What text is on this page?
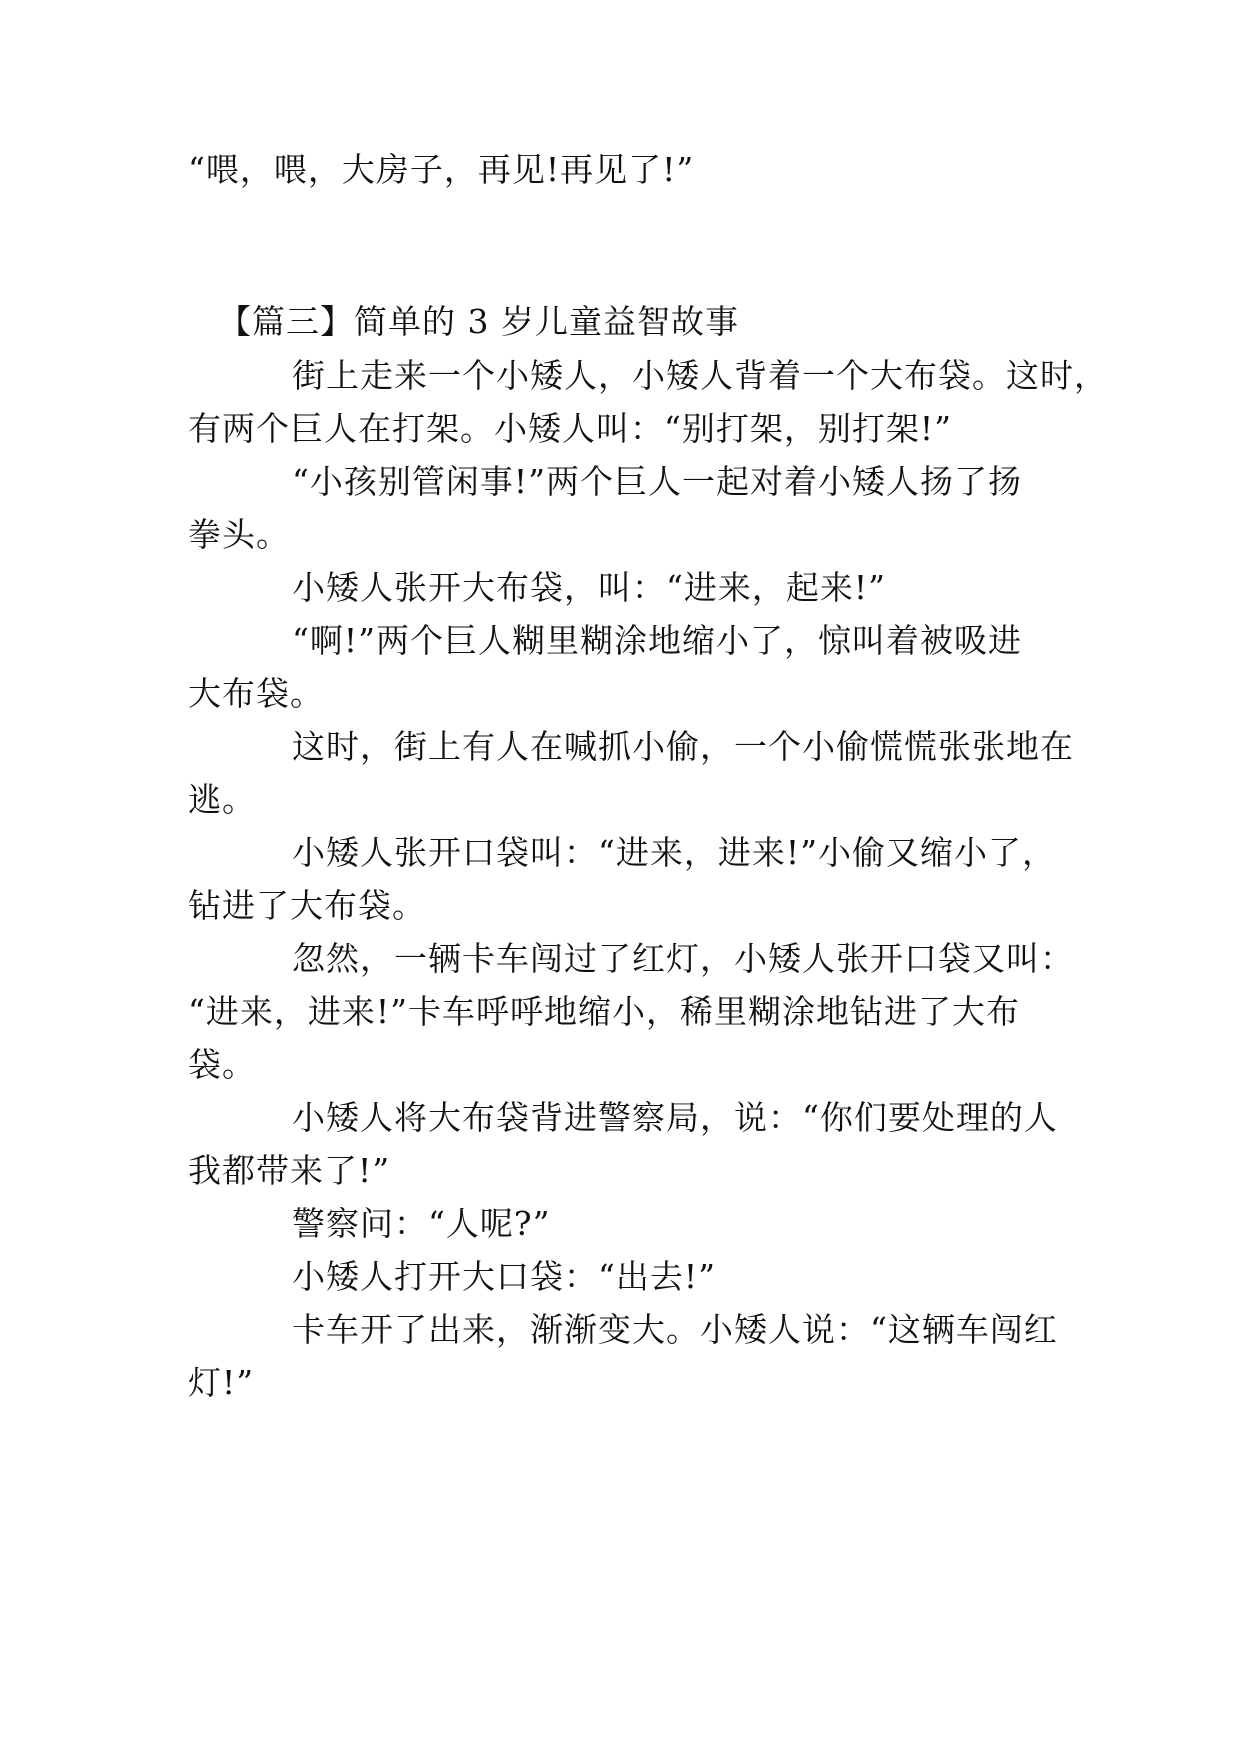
“喂，喂，大房子，再见!再见了!”
【篇三】简单的 3 岁儿童益智故事
街上走来一个小矮人，小矮人背着一个大布袋。这时，
有两个巨人在打架。小矮人叫：“别打架，别打架!”
“小孩别管闲事!”两个巨人一起对着小矮人扬了扬
拳头。
小矮人张开大布袋，叫：“进来，起来!”
“啊!”两个巨人糊里糊涂地缩小了，惊叫着被吸进
大布袋。
这时，街上有人在喊抓小偷，一个小偷慌慌张张地在
逃。
小矮人张开口袋叫：“进来，进来!”小偷又缩小了，
钻进了大布袋。
忽然，一辆卡车闯过了红灯，小矮人张开口袋又叫：
“进来，进来!”卡车呼呼地缩小，稀里糊涂地钻进了大布
袋。
小矮人将大布袋背进警察局，说：“你们要处理的人
我都带来了!”
警察问：“人呢?”
小矮人打开大口袋：“出去!”
卡车开了出来，渐渐变大。小矮人说：“这辆车闯红
灯!”
